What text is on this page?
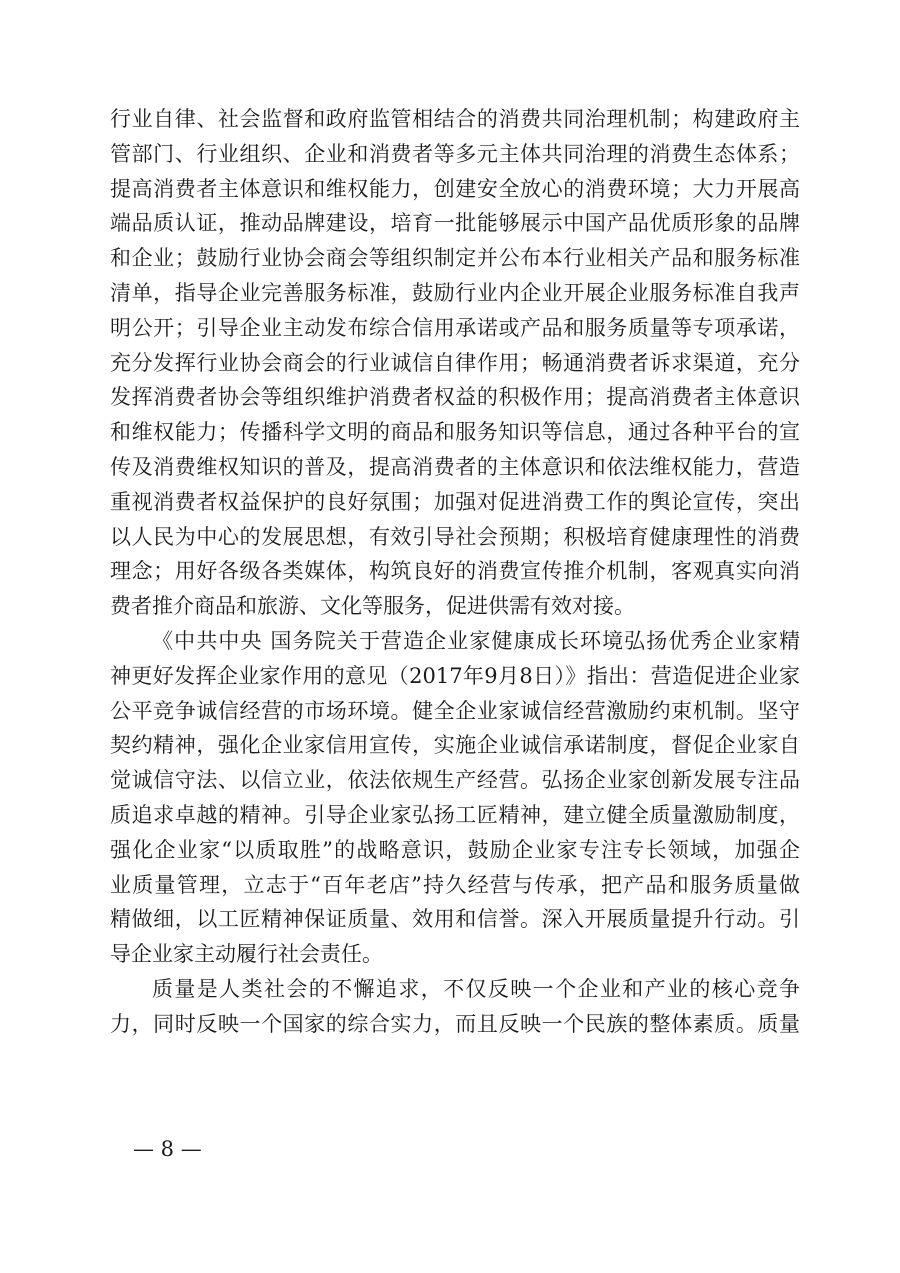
行业自律、社会监督和政府监管相结合的消费共同治理机制；构建政府主
管部门、行业组织、企业和消费者等多元主体共同治理的消费生态体系；
提高消费者主体意识和维权能力，创建安全放心的消费环境；大力开展高
端品质认证，推动品牌建设，培育一批能够展示中国产品优质形象的品牌
和企业；鼓励行业协会商会等组织制定并公布本行业相关产品和服务标准
清单，指导企业完善服务标准，鼓励行业内企业开展企业服务标准自我声
明公开；引导企业主动发布综合信用承诺或产品和服务质量等专项承诺，
充分发挥行业协会商会的行业诚信自律作用；畅通消费者诉求渠道，充分
发挥消费者协会等组织维护消费者权益的积极作用；提高消费者主体意识
和维权能力；传播科学文明的商品和服务知识等信息，通过各种平台的宣
传及消费维权知识的普及，提高消费者的主体意识和依法维权能力，营造
重视消费者权益保护的良好氛围；加强对促进消费工作的舆论宣传，突出
以人民为中心的发展思想，有效引导社会预期；积极培育健康理性的消费
理念；用好各级各类媒体，构筑良好的消费宣传推介机制，客观真实向消
费者推介商品和旅游、文化等服务，促进供需有效对接。
《中共中央 国务院关于营造企业家健康成长环境弘扬优秀企业家精
神更好发挥企业家作用的意见（2017年9月8日）》指出：营造促进企业家
公平竞争诚信经营的市场环境。健全企业家诚信经营激励约束机制。坚守
契约精神，强化企业家信用宣传，实施企业诚信承诺制度，督促企业家自
觉诚信守法、以信立业，依法依规生产经营。弘扬企业家创新发展专注品
质追求卓越的精神。引导企业家弘扬工匠精神，建立健全质量激励制度，
强化企业家“以质取胜”的战略意识，鼓励企业家专注专长领域，加强企
业质量管理，立志于“百年老店”持久经营与传承，把产品和服务质量做
精做细，以工匠精神保证质量、效用和信誉。深入开展质量提升行动。引
导企业家主动履行社会责任。
质量是人类社会的不懈追求，不仅反映一个企业和产业的核心竞争
力，同时反映一个国家的综合实力，而且反映一个民族的整体素质。质量
— 8 —
